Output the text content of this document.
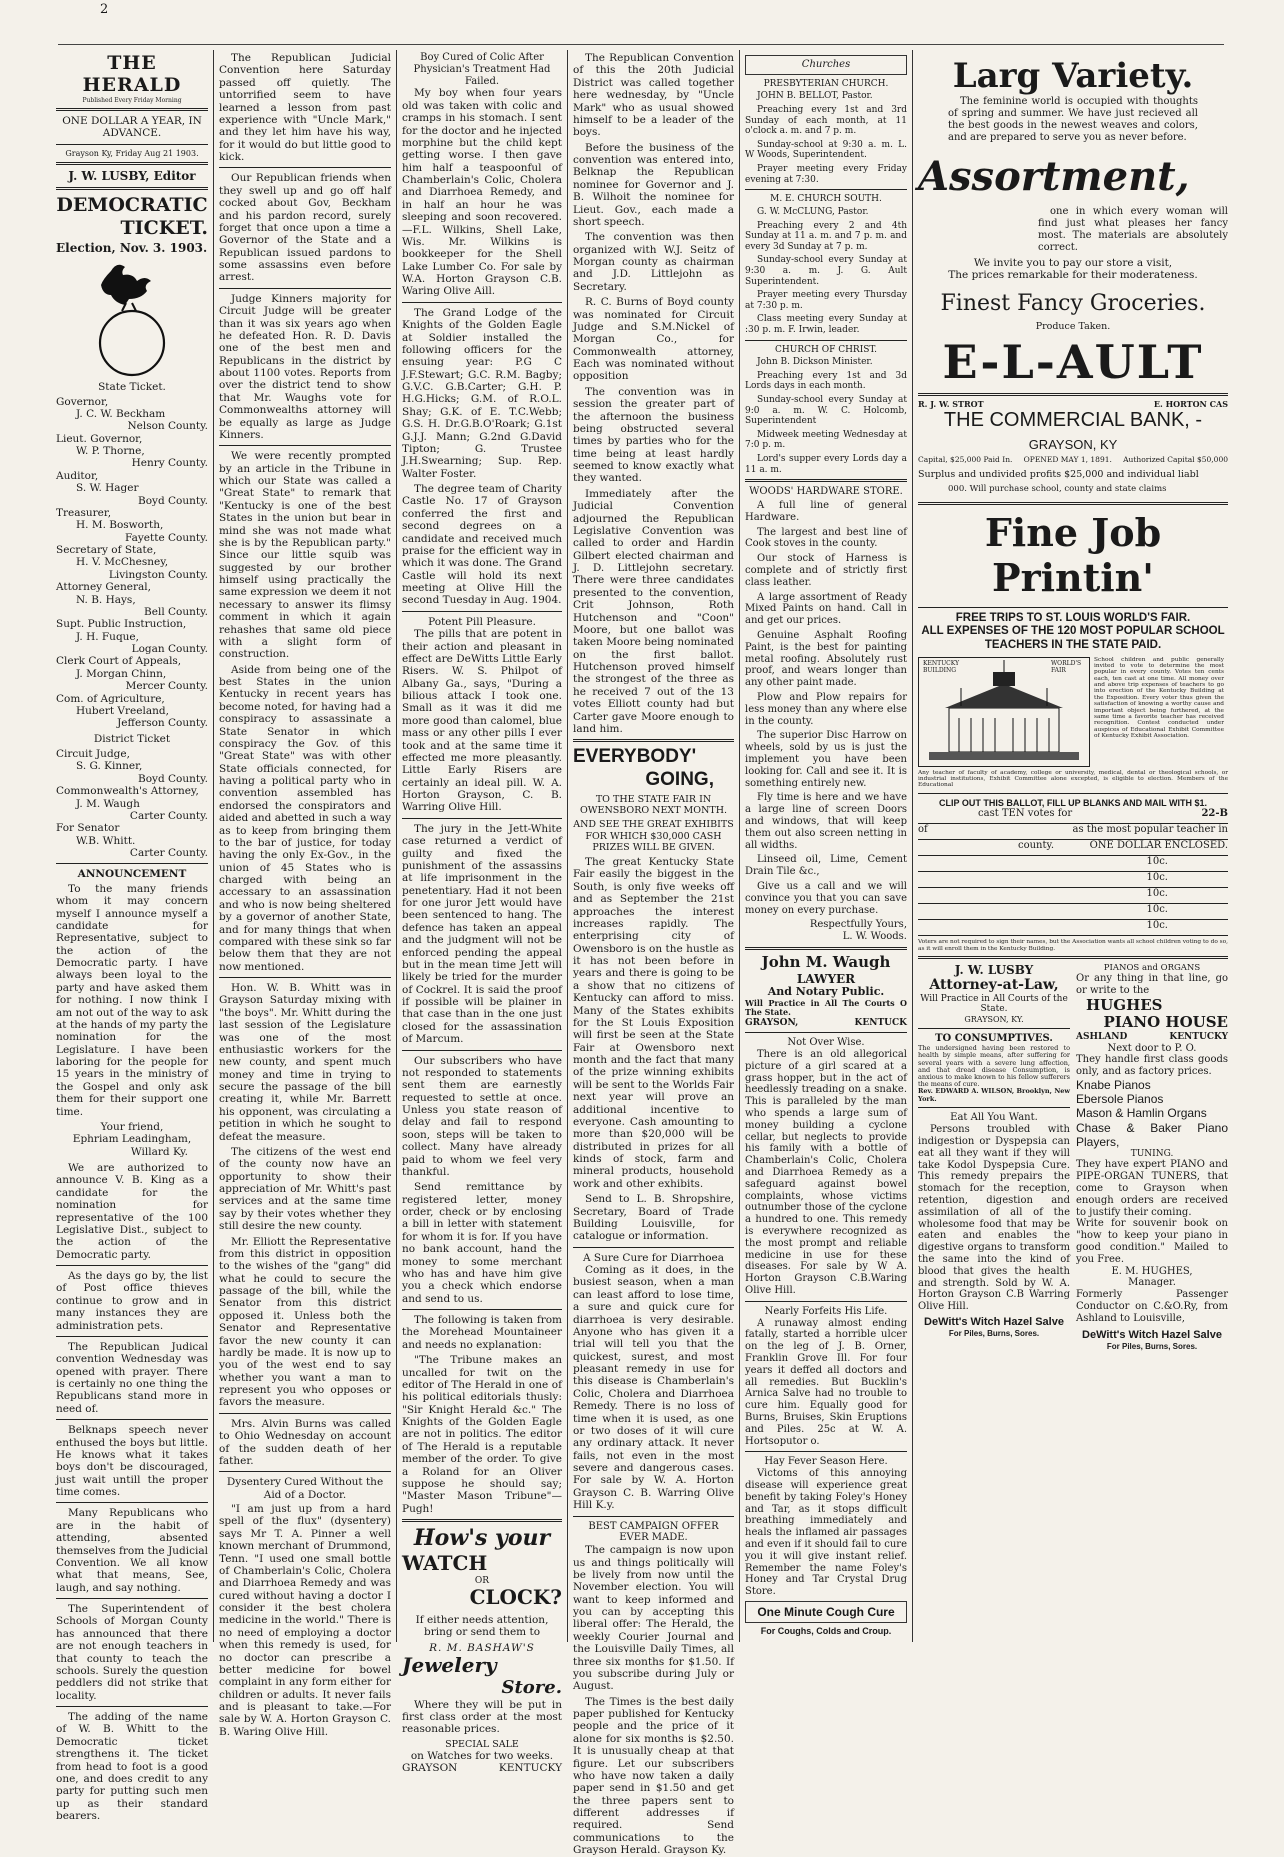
2
THE HERALD
Published Every Friday Morning
ONE DOLLAR A YEAR, IN ADVANCE.
Grayson Ky, Friday Aug 21 1903.
J. W. LUSBY, Editor
DEMOCRATIC
TICKET.
Election, Nov. 3. 1903.
State Ticket.
Governor,
J. C. W. Beckham
Nelson County.
Lieut. Governor,
W. P. Thorne,
Henry County.
Auditor,
S. W. Hager
Boyd County.
Treasurer,
H. M. Bosworth,
Fayette County.
Secretary of State,
H. V. McChesney,
Livingston County.
Attorney General,
N. B. Hays,
Bell County.
Supt. Public Instruction,
J. H. Fuque,
Logan County.
Clerk Court of Appeals,
J. Morgan Chinn,
Mercer County.
Com. of Agriculture,
Hubert Vreeland,
Jefferson County.
District Ticket
Circuit Judge,
S. G. Kinner,
Boyd County.
Commonwealth's Attorney,
J. M. Waugh
Carter County.
For Senator
W.B. Whitt.
Carter County.
ANNOUNCEMENT

To the many friends whom it may concern myself I announce myself a candidate for Representative, subject to the action of the Democratic party. I have always been loyal to the party and have asked them for nothing. I now think I am not out of the way to ask at the hands of my party the nomination for the Legislature. I have been laboring for the people for 15 years in the ministry of the Gospel and only ask them for their support one time.

Your friend,
Ephriam Leadingham,
Willard Ky.

We are authorized to announce V. B. King as a candidate for the nomination for representative of the 100 Legislative Dist., subject to the action of the Democratic party.

As the days go by, the list of Post office thieves continue to grow and in many instances they are administration pets.

The Republican Judical convention Wednesday was opened with prayer. There is certainly no one thing the Republicans stand more in need of.

Belknaps speech never enthused the boys but little. He knows what it takes boys don't be discouraged, just wait untill the proper time comes.

Many Republicans who are in the habit of attending, absented themselves from the Judicial Convention. We all know what that means, See, laugh, and say nothing.

The Superintendent of Schools of Morgan County has announced that there are not enough teachers in that county to teach the schools. Surely the question peddlers did not strike that locality.

The adding of the name of W. B. Whitt to the Democratic ticket strengthens it. The ticket from head to foot is a good one, and does credit to any party for putting such men up as their standard bearers.

The Republican Judicial Convention here Saturday passed off quietly. The untorrified seem to have learned a lesson from past experience with "Uncle Mark," and they let him have his way, for it would do but little good to kick.

Our Republican friends when they swell up and go off half cocked about Gov, Beckham and his pardon record, surely forget that once upon a time a Governor of the State and a Republican issued pardons to some assassins even before arrest.

Judge Kinners majority for Circuit Judge will be greater than it was six years ago when he defeated Hon. R. D. Davis one of the best men and Republicans in the district by about 1100 votes. Reports from over the district tend to show that Mr. Waughs vote for Commonwealths attorney will be equally as large as Judge Kinners.

We were recently prompted by an article in the Tribune in which our State was called a "Great State" to remark that "Kentucky is one of the best States in the union but bear in mind she was not made what she is by the Republican party." Since our little squib was suggested by our brother himself using practically the same expression we deem it not necessary to answer its flimsy comment in which it again rehashes that same old piece with a slight form of construction.

Aside from being one of the best States in the union Kentucky in recent years has become noted, for having had a conspiracy to assassinate a State Senator in which conspiracy the Gov. of this "Great State" was with other State officials connected, for having a political party who in convention assembled has endorsed the conspirators and aided and abetted in such a way as to keep from bringing them to the bar of justice, for today having the only Ex-Gov., in the union of 45 States who is charged with being an accessary to an assassination and who is now being sheltered by a governor of another State, and for many things that when compared with these sink so far below them that they are not now mentioned.

Hon. W. B. Whitt was in Grayson Saturday mixing with "the boys". Mr. Whitt during the last session of the Legislature was one of the most enthusiastic workers for the new county, and spent much money and time in trying to secure the passage of the bill creating it, while Mr. Barrett his opponent, was circulating a petition in which he sought to defeat the measure.

The citizens of the west end of the county now have an opportunity to show their appreciation of Mr. Whitt's past services and at the same time say by their votes whether they still desire the new county.

Mr. Elliott the Representative from this district in opposition to the wishes of the "gang" did what he could to secure the passage of the bill, while the Senator from this district opposed it. Unless both the Senator and Representative favor the new county it can hardly be made. It is now up to you of the west end to say whether you want a man to represent you who opposes or favors the measure.

Mrs. Alvin Burns was called to Ohio Wednesday on account of the sudden death of her father.

Dysentery Cured Without the Aid of a Doctor.

"I am just up from a hard spell of the flux" (dysentery) says Mr T. A. Pinner a well known merchant of Drummond, Tenn. "I used one small bottle of Chamberlain's Colic, Cholera and Diarrhoea Remedy and was cured without having a doctor I consider it the best cholera medicine in the world." There is no need of employing a doctor when this remedy is used, for no doctor can prescribe a better medicine for bowel complaint in any form either for children or adults. It never fails and is pleasant to take.—For sale by W. A. Horton Grayson C. B. Waring Olive Hill.

Boy Cured of Colic After Physician's Treatment Had Failed.

My boy when four years old was taken with colic and cramps in his stomach. I sent for the doctor and he injected morphine but the child kept getting worse. I then gave him half a teaspoonful of Chamberlain's Colic, Cholera and Diarrhoea Remedy, and in half an hour he was sleeping and soon recovered.—F.L. Wilkins, Shell Lake, Wis. Mr. Wilkins is bookkeeper for the Shell Lake Lumber Co. For sale by W.A. Horton Grayson C.B. Waring Olive Aill.

The Grand Lodge of the Knights of the Golden Eagle at Soldier installed the following officers for the ensuing year: P.G C J.F.Stewart; G.C. R.M. Bagby; G.V.C. G.B.Carter; G.H. P. H.G.Hicks; G.M. of R.O.L. Shay; G.K. of E. T.C.Webb; G.S. H. Dr.G.B.O'Roark; G.1st G.J.J. Mann; G.2nd G.David Tipton; G. Trustee J.H.Swearning; Sup. Rep. Walter Foster.

The degree team of Charity Castle No. 17 of Grayson conferred the first and second degrees on a candidate and received much praise for the efficient way in which it was done. The Grand Castle will hold its next meeting at Olive Hill the second Tuesday in Aug. 1904.

Potent Pill Pleasure.

The pills that are potent in their action and pleasant in effect are DeWitts Little Early Risers. W. S. Philpot of Albany Ga., says, "During a bilious attack I took one. Small as it was it did me more good than calomel, blue mass or any other pills I ever took and at the same time it effected me more pleasantly. Little Early Risers are certainly an ideal pill. W. A. Horton Grayson, C. B. Warring Olive Hill.

The jury in the Jett-White case returned a verdict of guilty and fixed the punishment of the assassins at life imprisonment in the penetentiary. Had it not been for one juror Jett would have been sentenced to hang. The defence has taken an appeal and the judgment will not be enforced pending the appeal but in the mean time Jett will likely be tried for the murder of Cockrel. It is said the proof if possible will be plainer in that case than in the one just closed for the assassination of Marcum.

Our subscribers who have not responded to statements sent them are earnestly requested to settle at once. Unless you state reason of delay and fail to respond soon, steps will be taken to collect. Many have already paid to whom we feel very thankful.

Send remittance by registered letter, money order, check or by enclosing a bill in letter with statement for whom it is for. If you have no bank account, hand the money to some merchant who has and have him give you a check which endorse and send to us.

The following is taken from the Morehead Mountaineer and needs no explanation:

"The Tribune makes an uncalled for twit on the editor of The Herald in one of his political editorials thusly: "Sir Knight Herald &c." The Knights of the Golden Eagle are not in politics. The editor of The Herald is a reputable member of the order. To give a Roland for an Oliver suppose he should say; "Master Mason Tribune"—Pugh!

How's your
WATCH
OR
CLOCK?

If either needs attention, bring or send them to

R. M. BASHAW'S
Jewelery
Store.

Where they will be put in first class order at the most reasonable prices.

SPECIAL SALE
on Watches for two weeks.
GRAYSON	KENTUCKY

The Republican Convention of this the 20th Judicial District was called together here wednesday, by "Uncle Mark" who as usual showed himself to be a leader of the boys.

Before the business of the convention was entered into, Belknap the Republican nominee for Governor and J. B. Wilhoit the nominee for Lieut. Gov., each made a short speech.

The convention was then organized with W.J. Seitz of Morgan county as chairman and J.D. Littlejohn as Secretary.

R. C. Burns of Boyd county was nominated for Circuit Judge and S.M.Nickel of Morgan Co., for Commonwealth attorney, Each was nominated without opposition

The convention was in session the greater part of the afternoon the business being obstructed several times by parties who for the time being at least hardly seemed to know exactly what they wanted.

Immediately after the Judicial Convention adjourned the Republican Legislative Convention was called to order and Hardin Gilbert elected chairman and J. D. Littlejohn secretary. There were three candidates presented to the convention, Crit Johnson, Roth Hutchenson and "Coon" Moore, but one ballot was taken Moore being nominated on the first ballot. Hutchenson proved himself the strongest of the three as he received 7 out of the 13 votes Elliott county had but Carter gave Moore enough to land him.

EVERYBODY'
GOING,
TO THE STATE FAIR IN OWENSBORO NEXT MONTH.
AND SEE THE GREAT EXHIBITS FOR WHICH $30,000 CASH PRIZES WILL BE GIVEN.

The great Kentucky State Fair easily the biggest in the South, is only five weeks off and as September the 21st approaches the interest increases rapidly. The enterprising city of Owensboro is on the hustle as it has not been before in years and there is going to be a show that no citizens of Kentucky can afford to miss. Many of the States exhibits for the St Louis Exposition will first be seen at the State Fair at Owensboro next month and the fact that many of the prize winning exhibits will be sent to the Worlds Fair next year will prove an additional incentive to everyone. Cash amounting to more than $20,000 will be distributed in prizes for all kinds of stock, farm and mineral products, household work and other exhibits.

Send to L. B. Shropshire, Secretary, Board of Trade Building Louisville, for catalogue or information.

A Sure Cure for Diarrhoea

Coming as it does, in the busiest season, when a man can least afford to lose time, a sure and quick cure for diarrhoea is very desirable. Anyone who has given it a trial will tell you that the quickest, surest, and most pleasant remedy in use for this disease is Chamberlain's Colic, Cholera and Diarrhoea Remedy. There is no loss of time when it is used, as one or two doses of it will cure any ordinary attack. It never fails, not even in the most severe and dangerous cases. For sale by W. A. Horton Grayson C. B. Warring Olive Hill K.y.

BEST CAMPAIGN OFFER EVER MADE.

The campaign is now upon us and things politically will be lively from now until the November election. You will want to keep informed and you can by accepting this liberal offer: The Herald, the weekly Courier Journal and the Louisville Daily Times, all three six months for $1.50. If you subscribe during July or August.

The Times is the best daily paper published for Kentucky people and the price of it alone for six months is $2.50. It is unusually cheap at that figure. Let our subscribers who have now taken a daily paper send in $1.50 and get the three papers sent to different addresses if required. Send communications to the Grayson Herald. Grayson Ky.

Churches
PRESBYTERIAN CHURCH.

JOHN B. BELLOT, Pastor.

Preaching every 1st and 3rd Sunday of each month, at 11 o'clock a. m. and 7 p. m.

Sunday-school at 9:30 a. m. L. W Woods, Superintendent.

Prayer meeting every Friday evening at 7:30.

M. E. CHURCH SOUTH.

G. W. McCLUNG, Pastor.

Preaching every 2 and 4th Sunday at 11 a. m. and 7 p. m. and every 3d Sunday at 7 p. m.

Sunday-school every Sunday at 9:30 a. m. J. G. Ault Superintendent.

Prayer meeting every Thursday at 7:30 p. m.

Class meeting every Sunday at :30 p. m. F. Irwin, leader.

CHURCH OF CHRIST.

John B. Dickson Minister.

Preaching every 1st and 3d Lords days in each month.

Sunday-school every Sunday at 9:0 a. m. W. C. Holcomb, Superintendent

Midweek meeting Wednesday at 7:0 p. m.

Lord's supper every Lords day a 11 a. m.

WOODS' HARDWARE STORE.

A full line of general Hardware.

The largest and best line of Cook stoves in the county.

Our stock of Harness is complete and of strictly first class leather.

A large assortment of Ready Mixed Paints on hand. Call in and get our prices.

Genuine Asphalt Roofing Paint, is the best for painting metal roofing. Absolutely rust proof, and wears longer than any other paint made.

Plow and Plow repairs for less money than any where else in the county.

The superior Disc Harrow on wheels, sold by us is just the implement you have been looking for. Call and see it. It is something entirely new.

Fly time is here and we have a large line of screen Doors and windows, that will keep them out also screen netting in all widths.

Linseed oil, Lime, Cement Drain Tile &c.,

Give us a call and we will convince you that you can save money on every purchase.

Respectfully Yours,
L. W. Woods.
John M. Waugh
LAWYER
And Notary Public.
Will Practice in All The Courts O The State.
GRAYSON,	KENTUCK
Not Over Wise.

There is an old allegorical picture of a girl scared at a grass hopper, but in the act of heedlessly treading on a snake. This is paralleled by the man who spends a large sum of money building a cyclone cellar, but neglects to provide his family with a bottle of Chamberlain's Colic, Cholera and Diarrhoea Remedy as a safeguard against bowel complaints, whose victims outnumber those of the cyclone a hundred to one. This remedy is everywhere recognized as the most prompt and reliable medicine in use for these diseases. For sale by W A. Horton Grayson C.B.Waring Olive Hill.

Nearly Forfeits His Life.

A runaway almost ending fatally, started a horrible ulcer on the leg of J. B. Orner, Franklin Grove Ill. For four years it deffed all doctors and all remedies. But Bucklin's Arnica Salve had no trouble to cure him. Equally good for Burns, Bruises, Skin Eruptions and Piles. 25c at W. A. Hortsoputor o.

Hay Fever Season Here.

Victoms of this annoying disease will experience great benefit by taking Foley's Honey and Tar, as it stops difficult breathing immediately and heals the inflamed air passages and even if it should fail to cure you it will give instant relief. Remember the name Foley's Honey and Tar Crystal Drug Store.

One Minute Cough Cure
For Coughs, Colds and Croup.
Larg Variety.

The feminine world is occupied with thoughts of spring and summer. We have just recieved all the best goods in the newest weaves and colors, and are prepared to serve you as never before.

Assortment,

one in which every woman will find just what pleases her fancy most. The materials are absolutely correct.

We invite you to pay our store a visit,
The prices remarkable for their moderateness.
Finest Fancy Groceries.
Produce Taken.
E-L-AULT
R. J. W. STROT	E. HORTON CAS
THE COMMERCIAL BANK, -
GRAYSON, KY
Capital, $25,000 Paid In. OPENED MAY 1, 1891. Authorized Capital $50,000
Surplus and undivided profits $25,000 and individual liabl
000. Will purchase school, county and state claims
Fine Job Printin'
FREE TRIPS TO ST. LOUIS WORLD'S FAIR.
ALL EXPENSES OF THE 120 MOST POPULAR SCHOOL
TEACHERS IN THE STATE PAID.
KENTUCKY BUILDING
WORLD'S FAIR
School children and public generally invited to vote to determine the most popular in every county. Votes ten cents each, ten cast at one time. All money over and above trip expenses of teachers to go into erection of the Kentucky Building at the Exposition. Every voter thus given the satisfaction of knowing a worthy cause and important object being furthered, at the same time a favorite teacher has received recognition. Contest conducted under auspices of Educational Exhibit Committee of Kentucky Exhibit Association.
Any teacher of faculty of academy, college or university, medical, dental or theological schools, or industrial institutions, Exhibit Committee alone excepted, is eligible to election. Members of the Educational
CLIP OUT THIS BALLOT, FILL UP BLANKS AND MAIL WITH $1.
cast TEN votes for	22-B
of	as the most popular teacher in
county.	ONE DOLLAR ENCLOSED.
10c.
10c.
10c.
10c.
10c.
Voters are not required to sign their names, but the Association wants all school children voting to do so, as it will enroll them in the Kentucky Building.
J. W. LUSBY
Attorney-at-Law,
Will Practice in All Courts of the State.
GRAYSON, KY.
TO CONSUMPTIVES.
The undersigned having been restored to health by simple means, after suffering for several years with a severe lung affection, and that dread disease Consumption, is anxious to make known to his fellow sufferers the means of cure.
Rev. EDWARD A. WILSON, Brooklyn, New York.
Eat All You Want.

Persons troubled with indigestion or Dyspepsia can eat all they want if they will take Kodol Dyspepsia Cure. This remedy prepairs the stomach for the reception, retention, digestion and assimilation of all of the wholesome food that may be eaten and enables the digestive organs to transform the same into the kind of blood that gives the health and strength. Sold by W. A. Horton Grayson C.B Warring Olive Hill.

DeWitt's Witch Hazel Salve
For Piles, Burns, Sores.
PIANOS and ORGANS
Or any thing in that line, go or write to the
HUGHES
PIANO HOUSE
ASHLAND	KENTUCKY
Next door to P. O.
They handle first class goods only, and as factory prices.
Knabe Pianos
Ebersole Pianos
Mason & Hamlin Organs
Chase & Baker Piano Players,
TUNING.
They have expert PIANO and PIPE-ORGAN TUNERS, that come to Grayson when enough orders are received to justify their coming.
Write for souvenir book on "how to keep your piano in good condition." Mailed to you Free.
E. M. HUGHES,
Manager.
Formerly Passenger Conductor on C.&O.Ry, from Ashland to Louisville,
DeWitt's Witch Hazel Salve
For Piles, Burns, Sores.
